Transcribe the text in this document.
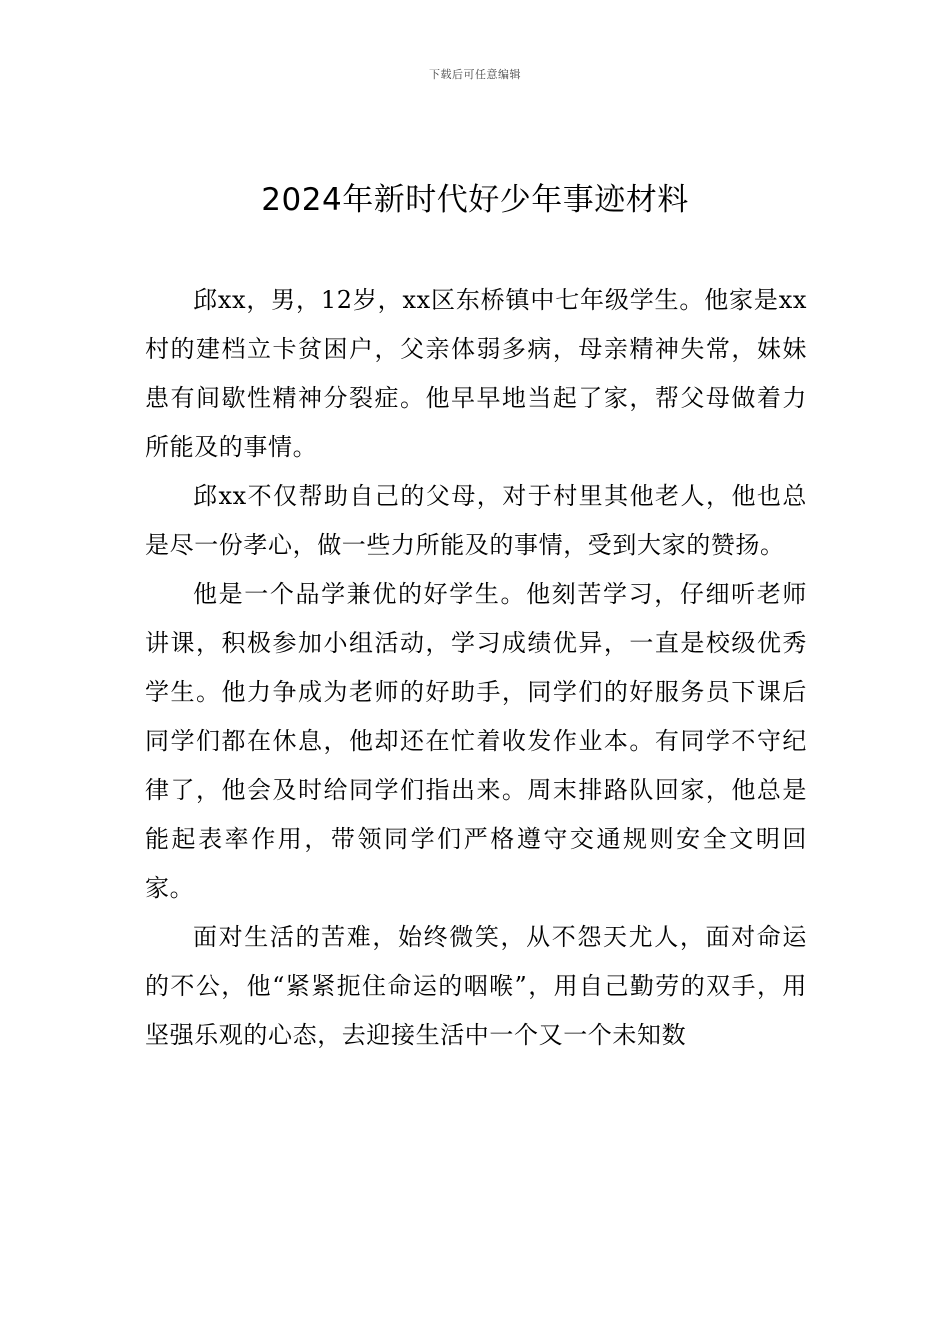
下载后可任意编辑
2024年新时代好少年事迹材料

邱xx，男，12岁，xx区东桥镇中七年级学生。他家是xx村的建档立卡贫困户，父亲体弱多病，母亲精神失常，妹妹患有间歇性精神分裂症。他早早地当起了家，帮父母做着力所能及的事情。

邱xx不仅帮助自己的父母，对于村里其他老人，他也总是尽一份孝心，做一些力所能及的事情，受到大家的赞扬。

他是一个品学兼优的好学生。他刻苦学习，仔细听老师讲课，积极参加小组活动，学习成绩优异，一直是校级优秀学生。他力争成为老师的好助手，同学们的好服务员下课后同学们都在休息，他却还在忙着收发作业本。有同学不守纪律了，他会及时给同学们指出来。周末排路队回家，他总是能起表率作用，带领同学们严格遵守交通规则安全文明回家。

面对生活的苦难，始终微笑，从不怨天尤人，面对命运的不公，他“紧紧扼住命运的咽喉”，用自己勤劳的双手，用坚强乐观的心态，去迎接生活中一个又一个未知数
